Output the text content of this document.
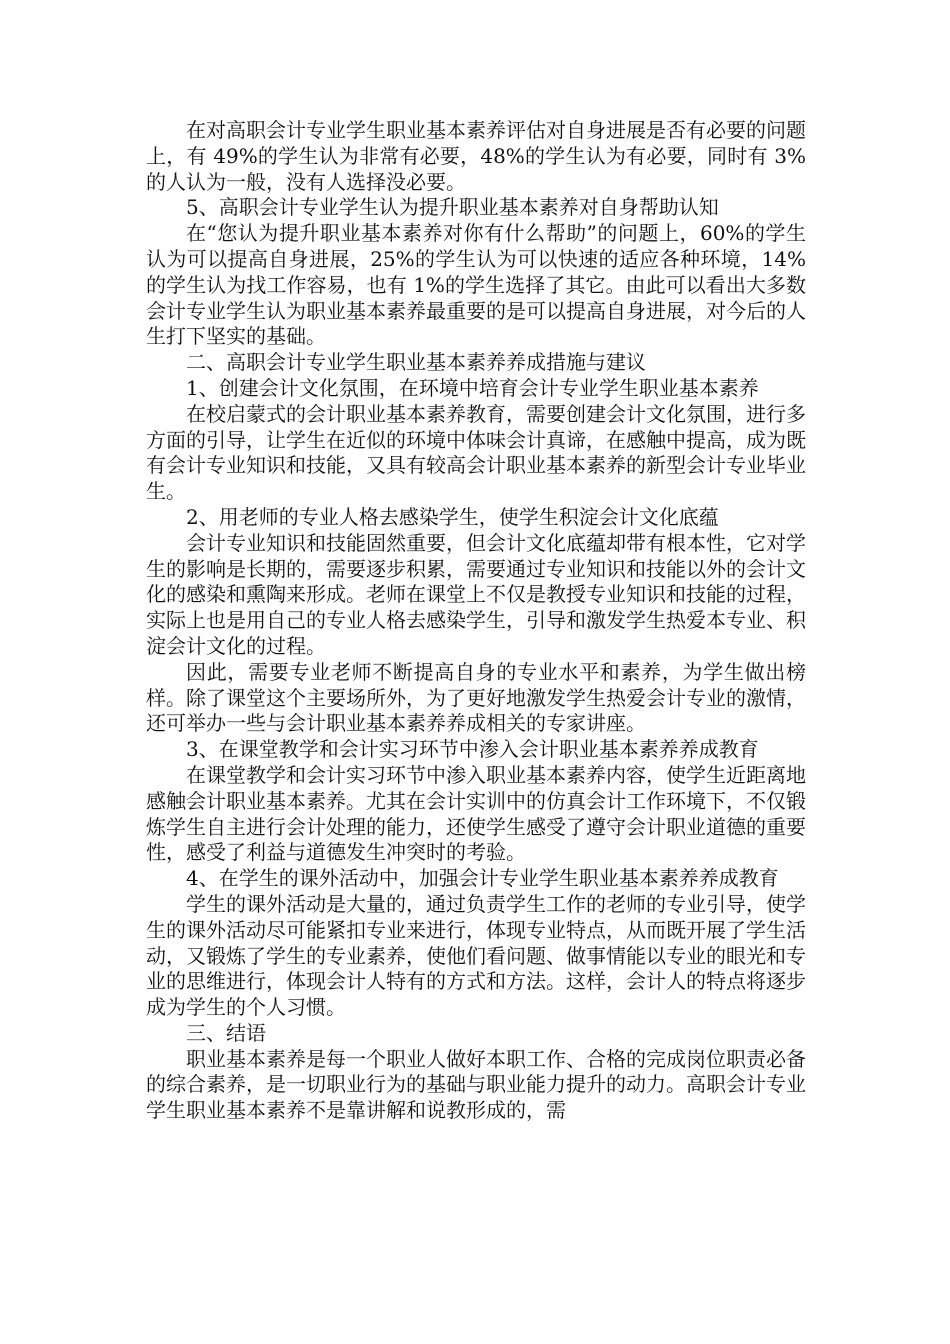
在对高职会计专业学生职业基本素养评估对自身进展是否有必要的问题上，有 49%的学生认为非常有必要，48%的学生认为有必要，同时有 3%的人认为一般，没有人选择没必要。

5、高职会计专业学生认为提升职业基本素养对自身帮助认知

在“您认为提升职业基本素养对你有什么帮助”的问题上，60%的学生认为可以提高自身进展，25%的学生认为可以快速的适应各种环境，14%的学生认为找工作容易，也有 1%的学生选择了其它。由此可以看出大多数会计专业学生认为职业基本素养最重要的是可以提高自身进展，对今后的人生打下坚实的基础。

二、高职会计专业学生职业基本素养养成措施与建议

1、创建会计文化氛围，在环境中培育会计专业学生职业基本素养

在校启蒙式的会计职业基本素养教育，需要创建会计文化氛围，进行多方面的引导，让学生在近似的环境中体味会计真谛，在感触中提高，成为既有会计专业知识和技能，又具有较高会计职业基本素养的新型会计专业毕业生。

2、用老师的专业人格去感染学生，使学生积淀会计文化底蕴

会计专业知识和技能固然重要，但会计文化底蕴却带有根本性，它对学生的影响是长期的，需要逐步积累，需要通过专业知识和技能以外的会计文化的感染和熏陶来形成。老师在课堂上不仅是教授专业知识和技能的过程，实际上也是用自己的专业人格去感染学生，引导和激发学生热爱本专业、积淀会计文化的过程。

因此，需要专业老师不断提高自身的专业水平和素养，为学生做出榜样。除了课堂这个主要场所外，为了更好地激发学生热爱会计专业的激情，还可举办一些与会计职业基本素养养成相关的专家讲座。

3、在课堂教学和会计实习环节中渗入会计职业基本素养养成教育

在课堂教学和会计实习环节中渗入职业基本素养内容，使学生近距离地感触会计职业基本素养。尤其在会计实训中的仿真会计工作环境下，不仅锻炼学生自主进行会计处理的能力，还使学生感受了遵守会计职业道德的重要性，感受了利益与道德发生冲突时的考验。

4、在学生的课外活动中，加强会计专业学生职业基本素养养成教育

学生的课外活动是大量的，通过负责学生工作的老师的专业引导，使学生的课外活动尽可能紧扣专业来进行，体现专业特点，从而既开展了学生活动，又锻炼了学生的专业素养，使他们看问题、做事情能以专业的眼光和专业的思维进行，体现会计人特有的方式和方法。这样，会计人的特点将逐步成为学生的个人习惯。

三、结语

职业基本素养是每一个职业人做好本职工作、合格的完成岗位职责必备的综合素养，是一切职业行为的基础与职业能力提升的动力。高职会计专业学生职业基本素养不是靠讲解和说教形成的，需
